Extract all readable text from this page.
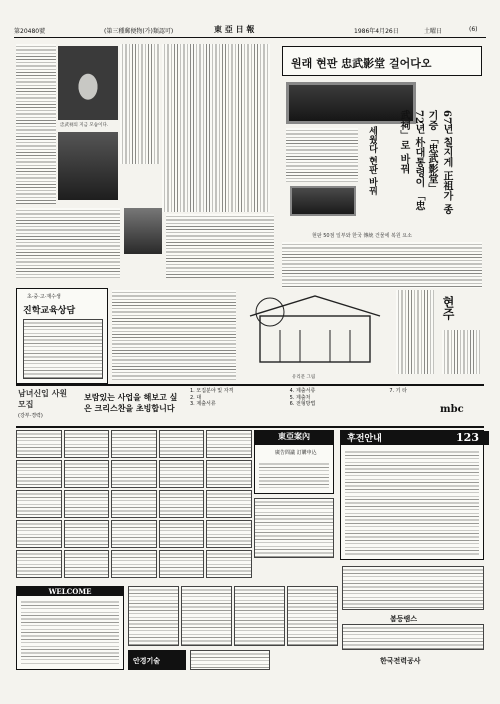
第20480號	(第三種郵便物(가)類認可)	東 亞 日 報	1986年4月26日	土曜日	(6)
忠武祠의 지금 모습이다.
원래 현판 忠武影堂 걸어다오
67년 칠지게 正祖가 종 기증 「忠武影堂」
72년 朴대통령이 「忠武祠」로 바꿔
세웠다 현판 바꿔
현판 50점 일부와 한국 傳統 건물에 복원 요소
초·중·고·재수생
진학교육상담
유리문 그림
현주
남녀신입 사원모집
(강부·경력)
보람있는 사업을 해보고 싶은 크리스찬을 초빙합니다
1. 모집분야 및 자격
2. 대
3. 제출서류
4. 제출서류
5. 제출처
6. 전형방법
7. 기 타
mbc
東亞案內
廣告問議 訂購申込
후전안내	123
WELCOME
안경기술
봄등램스
한국전력공사
